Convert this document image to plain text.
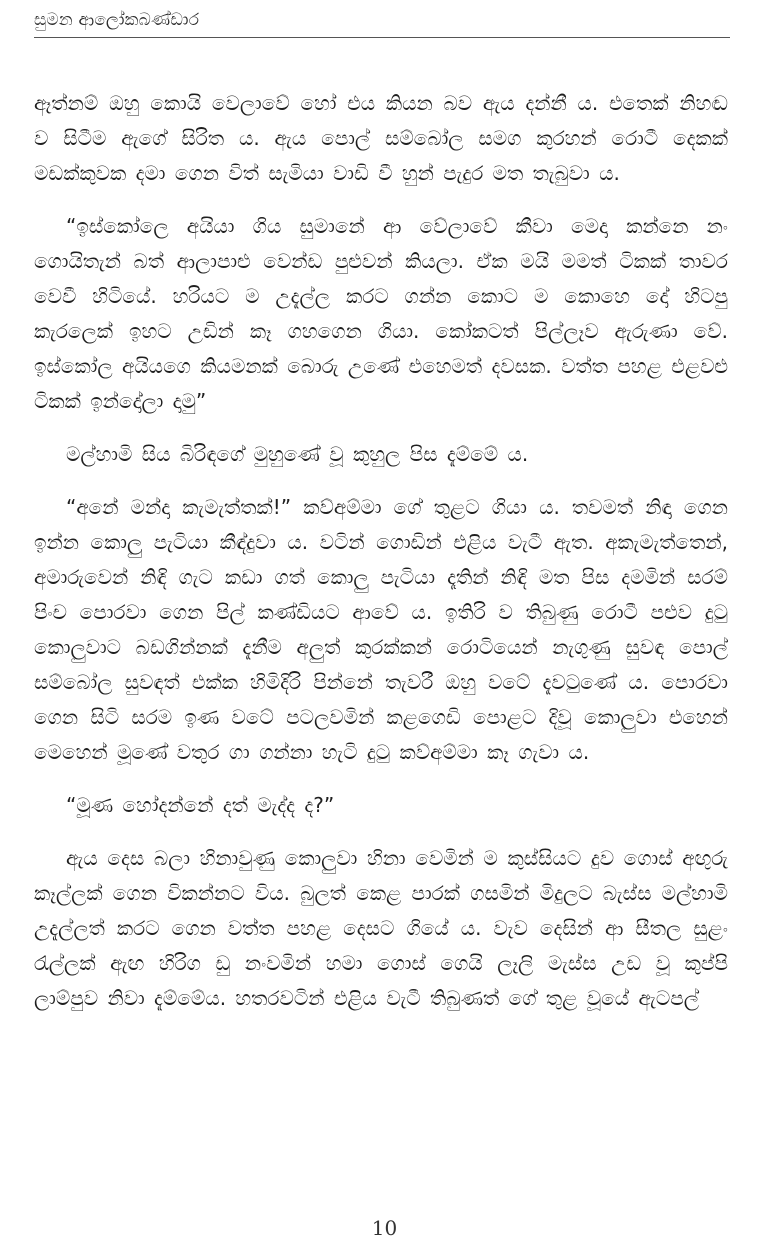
සුමන ආලෝකබණ්ඩාර

ඈත්නම් ඔහු කොයි වෙලාවේ හෝ එය කියන බව ඇය දන්නී ය. එතෙක් නිහඬ ව සිටීම ඇගේ සිරිත ය. ඇය පොල් සම්බෝල සමග කුරහන් රොටී දෙකක් මඩක්කුවක දමා ගෙන විත් සැමියා වාඩි වී හුන් පැදුර මත තැබුවා ය.

“ඉස්කෝලෙ අයියා ගිය සුමානේ ආ වේලාවේ කීවා මෙදා කන්නෙ නං ගොයිතැන් බත් ආලාපාළු වෙන්ඩ පුළුවන් කියලා. ඒක මයි මමත් ටිකක් තාවර වෙවී හිටියේ. හරියට ම උදැල්ල කරට ගන්න කොට ම කොහෙ දෝ හිටපු කැරලෙක් ඉහට උඩින් කෑ ගහගෙන ගියා. කෝකටත් පිල්ලෑව ඇරුණා වේ. ඉස්කෝල අයියගෙ කියමනක් බොරු උණේ එහෙමත් දවසක. වත්ත පහළ එළවළු ටිකක් ඉන්දෝලා දාමු”

මල්හාමි සිය බිරිඳගේ මුහුණේ වූ කුහුල පිස දැම්මේ ය.

“අනේ මන්දා කැමැත්තක්!” කව්අම්මා ගේ තුළට ගියා ය. තවමත් නිඳා ගෙන ඉන්න කොලු පැටියා කීඳ්දුවා ය. වටින් ගොඩින් එළිය වැටී ඇත. අකැමැත්තෙන්, අමාරුවෙන් නිඳි ගැට කඩා ගත් කොලු පැටියා දෑතින් නිඳි මත පිස දමමින් සරම් පිංච පොරවා ගෙන පිල් කණ්ඩියට ආවේ ය. ඉතිරි ව තිබුණු රොටී පළුව දුටු කොලුවාට බඩගින්නක් දැනීම අලුත් කුරක්කන් රොටියෙන් නැගුණු සුවඳ පොල් සම්බෝල සුවඳත් එක්ක හිමිදිරි පින්නේ තැවරී ඔහු වටේ දැවටුණේ ය. පොරවා ගෙන සිටි සරම ඉණ වටේ පටලවමින් කළගෙඩි පොළට දිවූ කොලුවා එහෙන් මෙහෙන් මූණේ වතුර ගා ගන්නා හැටි දුටු කව්අම්මා කෑ ගැවා ය.

“මූණ හෝදන්නේ දත් මැද්ද ද?”

ඇය දෙස බලා හිනාවුණු කොලුවා හිනා වෙමින් ම කුස්සියට දුව ගොස් අඟුරු කෑල්ලක් ගෙන විකන්නට විය. බුලත් කෙළ පාරක් ගසමින් මිදුලට බැස්ස මල්හාමි උදැල්ලත් කරට ගෙන වත්ත පහළ දෙසට ගියේ ය. වැව දෙසින් ආ සීතල සුළං රැල්ලක් ඇඟ හිරිග ඩු නංවමින් හමා ගොස් ගෙයි ලෑලි මැස්ස උඩ වූ කුප්පි ලාම්පුව නිවා දැම්මේය. හතරවටින් එළිය වැටී තිබුණත් ගේ තුළ වූයේ ඇටපල්

10
